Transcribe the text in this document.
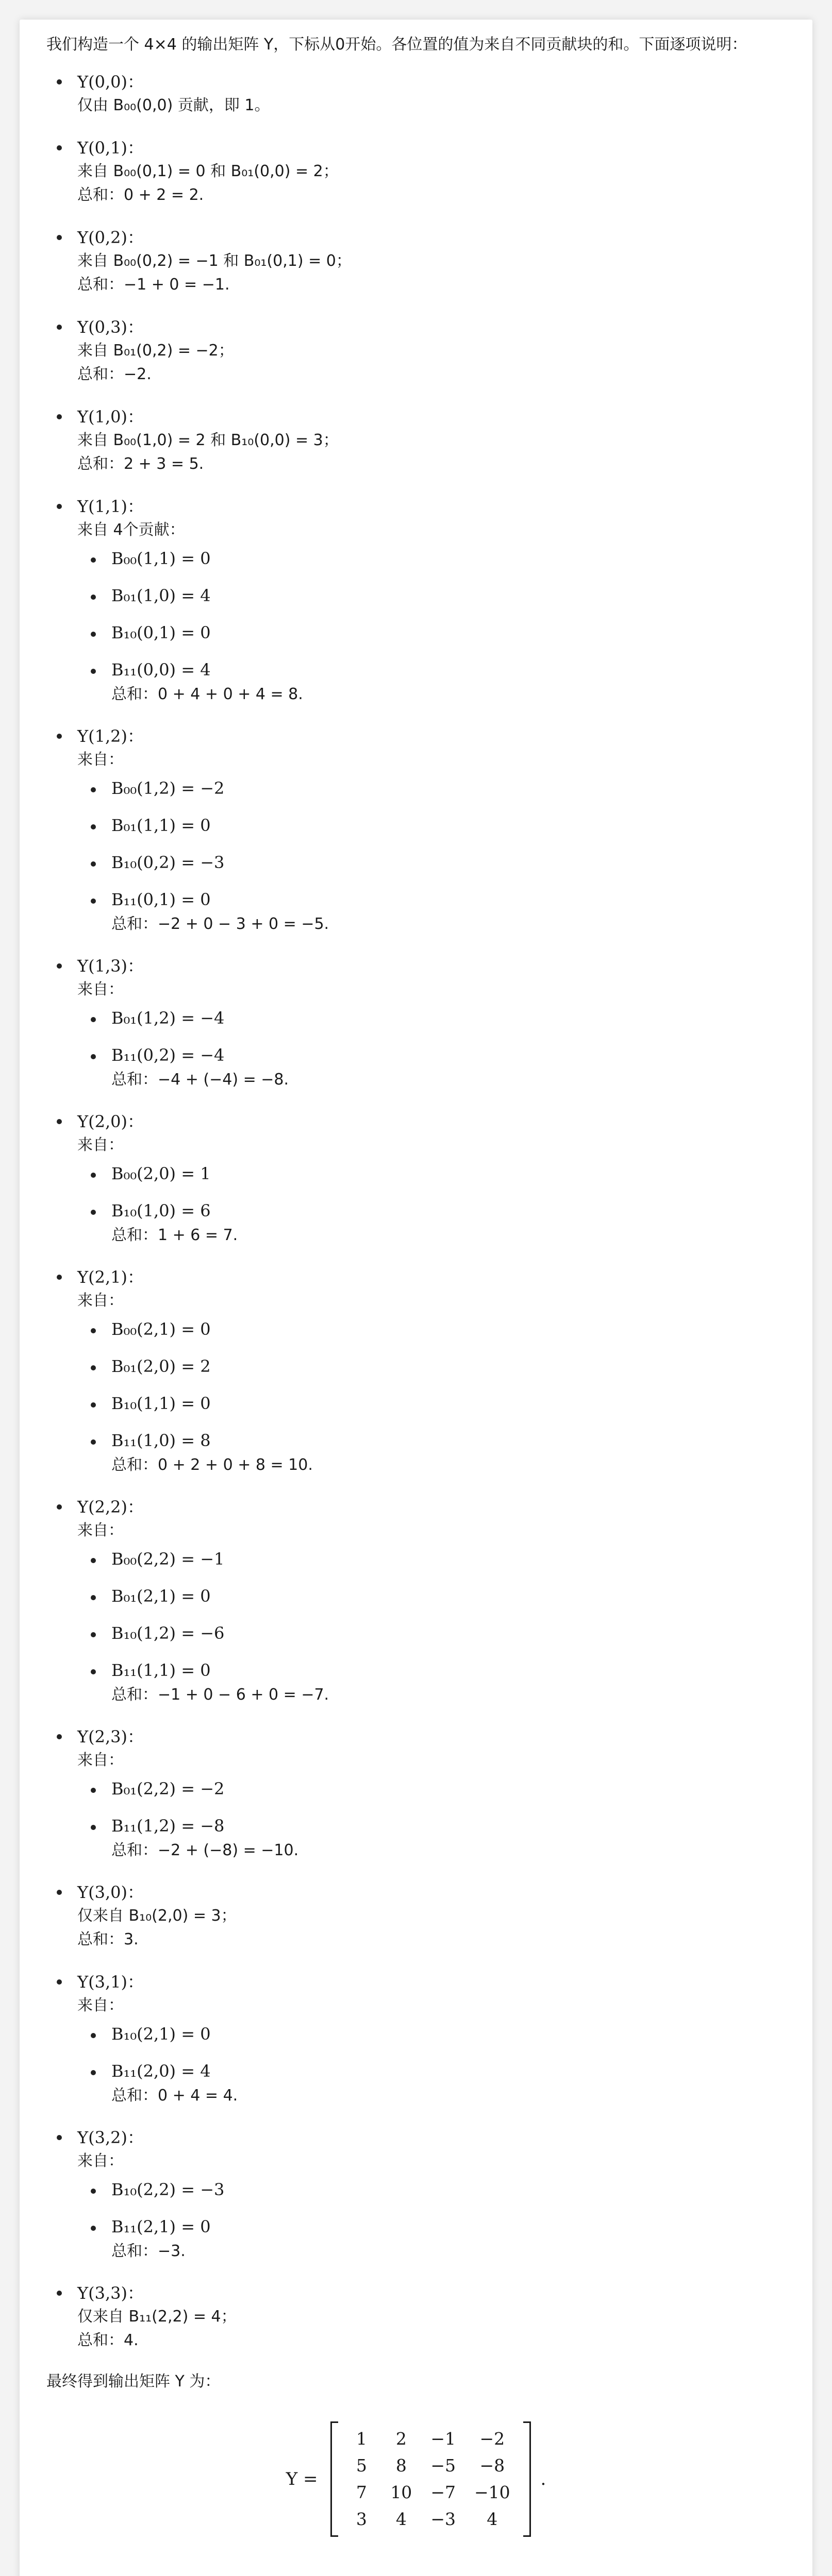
我们构造一个 4×4 的输出矩阵 Y，下标从0开始。各位置的值为来自不同贡献块的和。下面逐项说明：
Y(0,0)：
仅由 B₀₀(0,0) 贡献，即 1。
Y(0,1)：
来自 B₀₀(0,1) = 0 和 B₀₁(0,0) = 2；
总和：0 + 2 = 2.
Y(0,2)：
来自 B₀₀(0,2) = −1 和 B₀₁(0,1) = 0；
总和：−1 + 0 = −1.
Y(0,3)：
来自 B₀₁(0,2) = −2；
总和：−2.
Y(1,0)：
来自 B₀₀(1,0) = 2 和 B₁₀(0,0) = 3；
总和：2 + 3 = 5.
Y(1,1)：
来自 4个贡献：
B₀₀(1,1) = 0
B₀₁(1,0) = 4
B₁₀(0,1) = 0
B₁₁(0,0) = 4
总和：0 + 4 + 0 + 4 = 8.
Y(1,2)：
来自：
B₀₀(1,2) = −2
B₀₁(1,1) = 0
B₁₀(0,2) = −3
B₁₁(0,1) = 0
总和：−2 + 0 − 3 + 0 = −5.
Y(1,3)：
来自：
B₀₁(1,2) = −4
B₁₁(0,2) = −4
总和：−4 + (−4) = −8.
Y(2,0)：
来自：
B₀₀(2,0) = 1
B₁₀(1,0) = 6
总和：1 + 6 = 7.
Y(2,1)：
来自：
B₀₀(2,1) = 0
B₀₁(2,0) = 2
B₁₀(1,1) = 0
B₁₁(1,0) = 8
总和：0 + 2 + 0 + 8 = 10.
Y(2,2)：
来自：
B₀₀(2,2) = −1
B₀₁(2,1) = 0
B₁₀(1,2) = −6
B₁₁(1,1) = 0
总和：−1 + 0 − 6 + 0 = −7.
Y(2,3)：
来自：
B₀₁(2,2) = −2
B₁₁(1,2) = −8
总和：−2 + (−8) = −10.
Y(3,0)：
仅来自 B₁₀(2,0) = 3；
总和：3.
Y(3,1)：
来自：
B₁₀(2,1) = 0
B₁₁(2,0) = 4
总和：0 + 4 = 4.
Y(3,2)：
来自：
B₁₀(2,2) = −3
B₁₁(2,1) = 0
总和：−3.
Y(3,3)：
仅来自 B₁₁(2,2) = 4；
总和：4.
最终得到输出矩阵 Y 为：
Y =
1	2	−1	−2
5	8	−5	−8
7	10	−7	−10
3	4	−3	4
.
